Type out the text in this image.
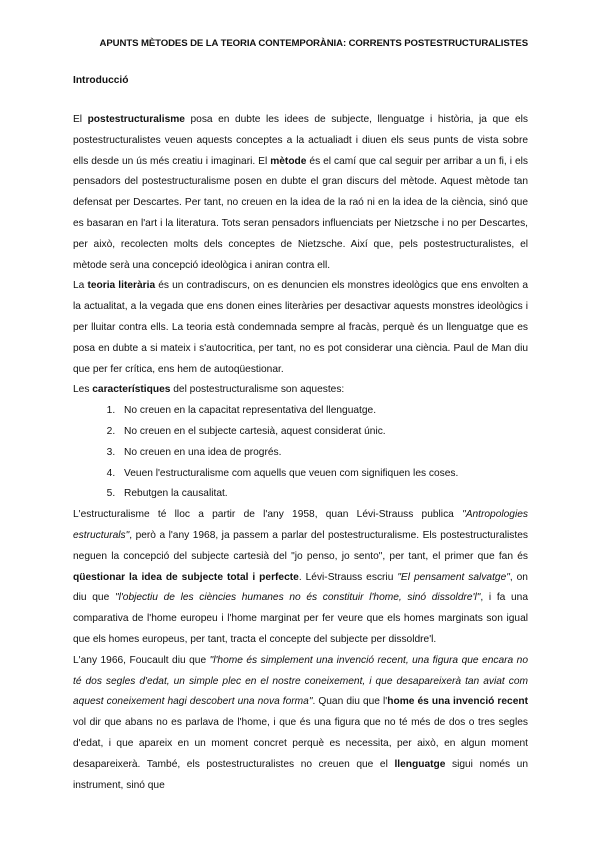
APUNTS MÈTODES DE LA TEORIA CONTEMPORÀNIA: CORRENTS POSTESTRUCTURALISTES
Introducció

El postestructuralisme posa en dubte les idees de subjecte, llenguatge i història, ja que els postestructuralistes veuen aquests conceptes a la actualiadt i diuen els seus punts de vista sobre ells desde un ús més creatiu i imaginari. El mètode és el camí que cal seguir per arribar a un fi, i els pensadors del postestructuralisme posen en dubte el gran discurs del mètode. Aquest mètode tan defensat per Descartes. Per tant, no creuen en la idea de la raó ni en la idea de la ciència, sinó que es basaran en l'art i la literatura. Tots seran pensadors influenciats per Nietzsche i no per Descartes, per això, recolecten molts dels conceptes de Nietzsche. Així que, pels postestructuralistes, el mètode serà una concepció ideològica i aniran contra ell.

La teoria literària és un contradiscurs, on es denuncien els monstres ideològics que ens envolten a la actualitat, a la vegada que ens donen eines literàries per desactivar aquests monstres ideològics i per lluitar contra ells. La teoria està condemnada sempre al fracàs, perquè és un llenguatge que es posa en dubte a si mateix i s'autocritica, per tant, no es pot considerar una ciència. Paul de Man diu que per fer crítica, ens hem de autoqüestionar.

Les característiques del postestructuralisme son aquestes:

1. No creuen en la capacitat representativa del llenguatge.
2. No creuen en el subjecte cartesià, aquest considerat únic.
3. No creuen en una idea de progrés.
4. Veuen l'estructuralisme com aquells que veuen com signifiquen les coses.
5. Rebutgen la causalitat.

L'estructuralisme té lloc a partir de l'any 1958, quan Lévi-Strauss publica "Antropologies estructurals", però a l'any 1968, ja passem a parlar del postestructuralisme. Els postestructuralistes neguen la concepció del subjecte cartesià del "jo penso, jo sento", per tant, el primer que fan és qüestionar la idea de subjecte total i perfecte. Lévi-Strauss escriu "El pensament salvatge", on diu que "l'objectiu de les ciències humanes no és constituir l'home, sinó dissoldre'l", i fa una comparativa de l'home europeu i l'home marginat per fer veure que els homes marginats son igual que els homes europeus, per tant, tracta el concepte del subjecte per dissoldre'l.

L'any 1966, Foucault diu que "l'home és simplement una invenció recent, una figura que encara no té dos segles d'edat, un simple plec en el nostre coneixement, i que desapareixerà tan aviat com aquest coneixement hagi descobert una nova forma". Quan diu que l'home és una invenció recent vol dir que abans no es parlava de l'home, i que és una figura que no té més de dos o tres segles d'edat, i que apareix en un moment concret perquè es necessita, per això, en algun moment desapareixerà. També, els postestructuralistes no creuen que el llenguatge sigui només un instrument, sinó que
